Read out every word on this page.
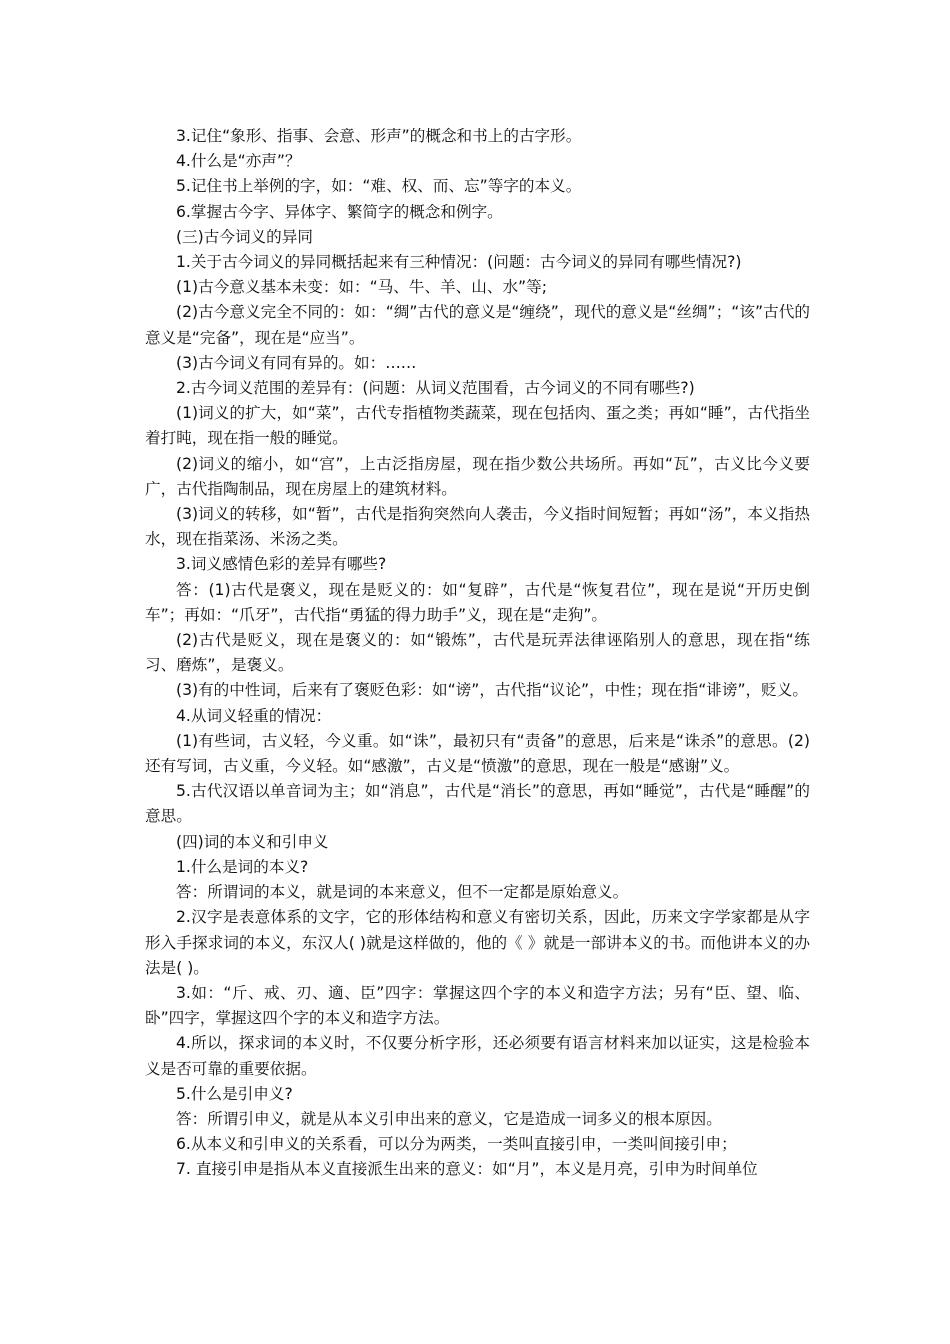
3.记住“象形、指事、会意、形声”的概念和书上的古字形。

4.什么是“亦声”？

5.记住书上举例的字，如：“难、权、而、忘”等字的本义。

6.掌握古今字、异体字、繁简字的概念和例字。

(三)古今词义的异同

1.关于古今词义的异同概括起来有三种情况：(问题：古今词义的异同有哪些情况?)

(1)古今意义基本未变：如：“马、牛、羊、山、水”等;

(2)古今意义完全不同的：如：“绸”古代的意义是“缠绕”，现代的意义是“丝绸”；“该”古代的意义是“完备”，现在是“应当”。

(3)古今词义有同有异的。如：……

2.古今词义范围的差异有：(问题：从词义范围看，古今词义的不同有哪些?)

(1)词义的扩大，如“菜”，古代专指植物类蔬菜，现在包括肉、蛋之类；再如“睡”，古代指坐着打盹，现在指一般的睡觉。

(2)词义的缩小，如“宫”，上古泛指房屋，现在指少数公共场所。再如“瓦”，古义比今义要广，古代指陶制品，现在房屋上的建筑材料。

(3)词义的转移，如“暂”，古代是指狗突然向人袭击，今义指时间短暂；再如“汤”，本义指热水，现在指菜汤、米汤之类。

3.词义感情色彩的差异有哪些?

答：(1)古代是褒义，现在是贬义的：如“复辟”，古代是“恢复君位”，现在是说“开历史倒车”；再如：“爪牙”，古代指“勇猛的得力助手”义，现在是“走狗”。

(2)古代是贬义，现在是褒义的：如“锻炼”，古代是玩弄法律诬陷别人的意思，现在指“练习、磨炼”，是褒义。

(3)有的中性词，后来有了褒贬色彩：如“谤”，古代指“议论”，中性；现在指“诽谤”，贬义。

4.从词义轻重的情况：

(1)有些词，古义轻，今义重。如“诛”，最初只有“责备”的意思，后来是“诛杀”的意思。(2)还有写词，古义重，今义轻。如“感激”，古义是“愤激”的意思，现在一般是“感谢”义。

5.古代汉语以单音词为主；如“消息”，古代是“消长”的意思，再如“睡觉”，古代是“睡醒”的意思。

(四)词的本义和引申义

1.什么是词的本义?

答：所谓词的本义，就是词的本来意义，但不一定都是原始意义。

2.汉字是表意体系的文字，它的形体结构和意义有密切关系，因此，历来文字学家都是从字形入手探求词的本义，东汉人( )就是这样做的，他的《 》就是一部讲本义的书。而他讲本义的办法是( )。

3.如：“斤、戒、刃、適、臣”四字：掌握这四个字的本义和造字方法；另有“臣、望、临、卧”四字，掌握这四个字的本义和造字方法。

4.所以，探求词的本义时，不仅要分析字形，还必须要有语言材料来加以证实，这是检验本义是否可靠的重要依据。

5.什么是引申义?

答：所谓引申义，就是从本义引申出来的意义，它是造成一词多义的根本原因。

6.从本义和引申义的关系看，可以分为两类，一类叫直接引申，一类叫间接引申；

7. 直接引申是指从本义直接派生出来的意义：如“月”，本义是月亮，引申为时间单位
